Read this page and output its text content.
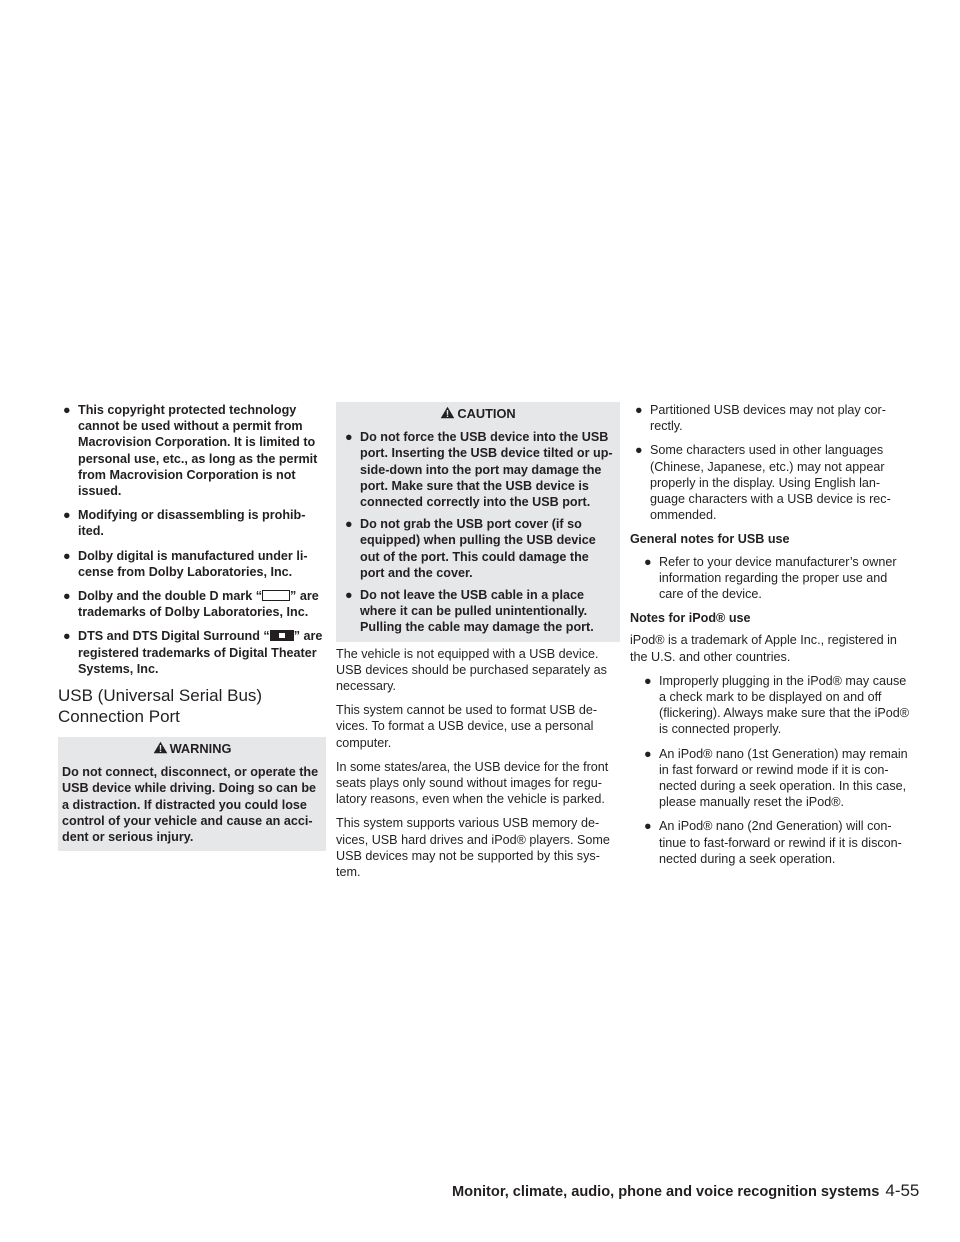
● This copyright protected technology cannot be used without a permit from Macrovision Corporation. It is limited to personal use, etc., as long as the permit from Macrovision Corporation is not issued.
● Modifying or disassembling is prohib-ited.
● Dolby digital is manufactured under li-cense from Dolby Laboratories, Inc.
● Dolby and the double D mark “ ” are trademarks of Dolby Laboratories, Inc.
● DTS and DTS Digital Surround “ ” are registered trademarks of Digital Theater Systems, Inc.
USB (Universal Serial Bus)
Connection Port
WARNING
Do not connect, disconnect, or operate the USB device while driving. Doing so can be a distraction. If distracted you could lose control of your vehicle and cause an acci-dent or serious injury.
CAUTION
● Do not force the USB device into the USB port. Inserting the USB device tilted or up-side-down into the port may damage the port. Make sure that the USB device is connected correctly into the USB port.
● Do not grab the USB port cover (if so equipped) when pulling the USB device out of the port. This could damage the port and the cover.
● Do not leave the USB cable in a place where it can be pulled unintentionally. Pulling the cable may damage the port.
The vehicle is not equipped with a USB device. USB devices should be purchased separately as necessary.
This system cannot be used to format USB de-vices. To format a USB device, use a personal computer.
In some states/area, the USB device for the front seats plays only sound without images for regu-latory reasons, even when the vehicle is parked.
This system supports various USB memory de-vices, USB hard drives and iPod® players. Some USB devices may not be supported by this sys-tem.
● Partitioned USB devices may not play cor-rectly.
● Some characters used in other languages (Chinese, Japanese, etc.) may not appear properly in the display. Using English lan-guage characters with a USB device is rec-ommended.
General notes for USB use
● Refer to your device manufacturer’s owner information regarding the proper use and care of the device.
Notes for iPod® use
iPod® is a trademark of Apple Inc., registered in the U.S. and other countries.
● Improperly plugging in the iPod® may cause a check mark to be displayed on and off (flickering). Always make sure that the iPod® is connected properly.
● An iPod® nano (1st Generation) may remain in fast forward or rewind mode if it is con-nected during a seek operation. In this case, please manually reset the iPod®.
● An iPod® nano (2nd Generation) will con-tinue to fast-forward or rewind if it is discon-nected during a seek operation.
Monitor, climate, audio, phone and voice recognition systems 4-55
